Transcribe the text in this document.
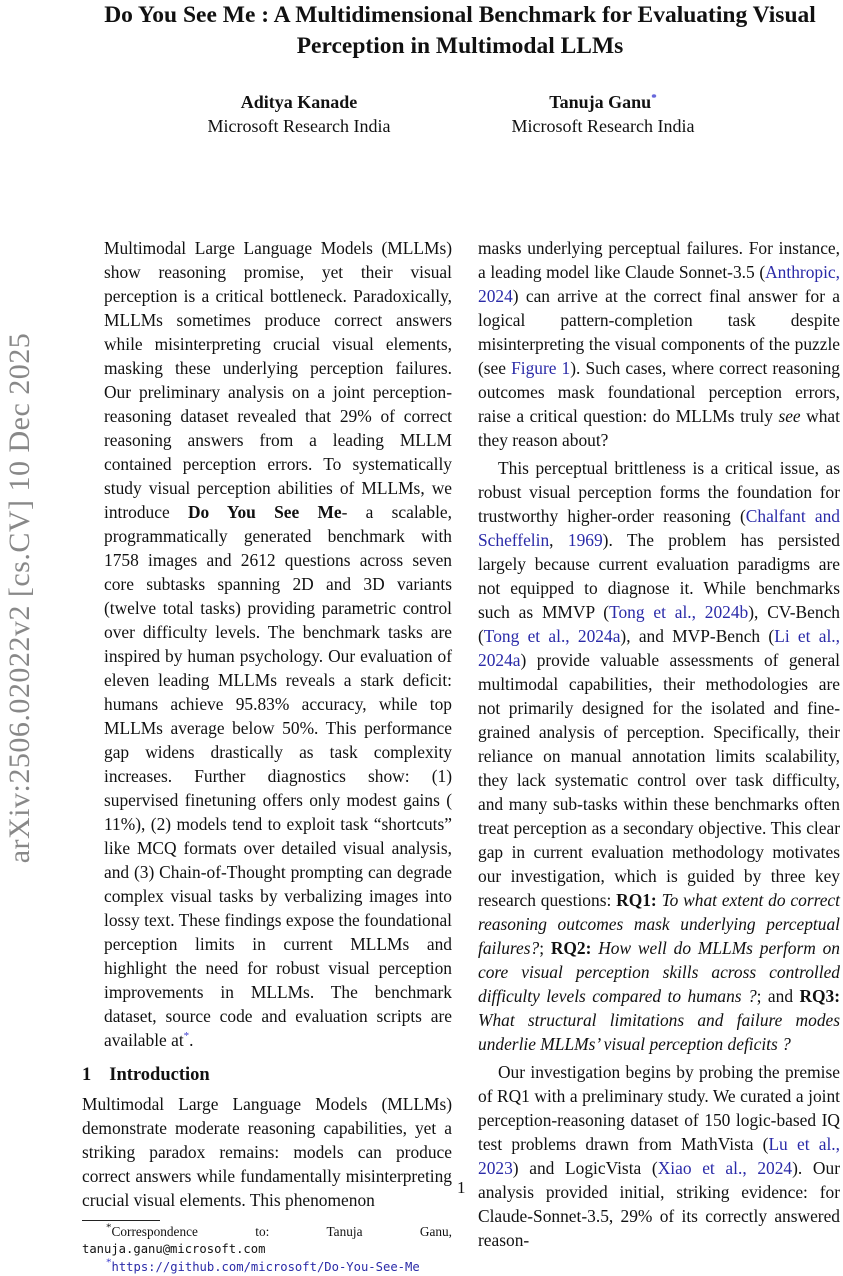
Do You See Me : A Multidimensional Benchmark for Evaluating Visual Perception in Multimodal LLMs
Aditya Kanade
Microsoft Research India
Tanuja Ganu*
Microsoft Research India
arXiv:2506.02022v2 [cs.CV] 10 Dec 2025

Multimodal Large Language Models (MLLMs) show reasoning promise, yet their visual perception is a critical bottleneck. Paradoxically, MLLMs sometimes produce correct answers while misinterpreting crucial visual elements, masking these underlying perception failures. Our preliminary analysis on a joint perception-reasoning dataset revealed that 29% of correct reasoning answers from a leading MLLM contained perception errors. To systematically study visual perception abilities of MLLMs, we introduce Do You See Me- a scalable, programmatically generated benchmark with 1758 images and 2612 questions across seven core subtasks spanning 2D and 3D variants (twelve total tasks) providing parametric control over difficulty levels. The benchmark tasks are inspired by human psychology. Our evaluation of eleven leading MLLMs reveals a stark deficit: humans achieve 95.83% accuracy, while top MLLMs average below 50%. This performance gap widens drastically as task complexity increases. Further diagnostics show: (1) supervised finetuning offers only modest gains ( 11%), (2) models tend to exploit task “shortcuts” like MCQ formats over detailed visual analysis, and (3) Chain-of-Thought prompting can degrade complex visual tasks by verbalizing images into lossy text. These findings expose the foundational perception limits in current MLLMs and highlight the need for robust visual perception improvements in MLLMs. The benchmark dataset, source code and evaluation scripts are available at*.

1 Introduction

Multimodal Large Language Models (MLLMs) demonstrate moderate reasoning capabilities, yet a striking paradox remains: models can produce correct answers while fundamentally misinterpreting crucial visual elements. This phenomenon

*Correspondence to: Tanuja Ganu, tanuja.ganu@microsoft.com
*https://github.com/microsoft/Do-You-See-Me

masks underlying perceptual failures. For instance, a leading model like Claude Sonnet-3.5 (Anthropic, 2024) can arrive at the correct final answer for a logical pattern-completion task despite misinterpreting the visual components of the puzzle (see Figure 1). Such cases, where correct reasoning outcomes mask foundational perception errors, raise a critical question: do MLLMs truly see what they reason about?

This perceptual brittleness is a critical issue, as robust visual perception forms the foundation for trustworthy higher-order reasoning (Chalfant and Scheffelin, 1969). The problem has persisted largely because current evaluation paradigms are not equipped to diagnose it. While benchmarks such as MMVP (Tong et al., 2024b), CV-Bench (Tong et al., 2024a), and MVP-Bench (Li et al., 2024a) provide valuable assessments of general multimodal capabilities, their methodologies are not primarily designed for the isolated and fine-grained analysis of perception. Specifically, their reliance on manual annotation limits scalability, they lack systematic control over task difficulty, and many sub-tasks within these benchmarks often treat perception as a secondary objective. This clear gap in current evaluation methodology motivates our investigation, which is guided by three key research questions: RQ1: To what extent do correct reasoning outcomes mask underlying perceptual failures?; RQ2: How well do MLLMs perform on core visual perception skills across controlled difficulty levels compared to humans ?; and RQ3: What structural limitations and failure modes underlie MLLMs’ visual perception deficits ?

Our investigation begins by probing the premise of RQ1 with a preliminary study. We curated a joint perception-reasoning dataset of 150 logic-based IQ test problems drawn from MathVista (Lu et al., 2023) and LogicVista (Xiao et al., 2024). Our analysis provided initial, striking evidence: for Claude-Sonnet-3.5, 29% of its correctly answered reason-

1
